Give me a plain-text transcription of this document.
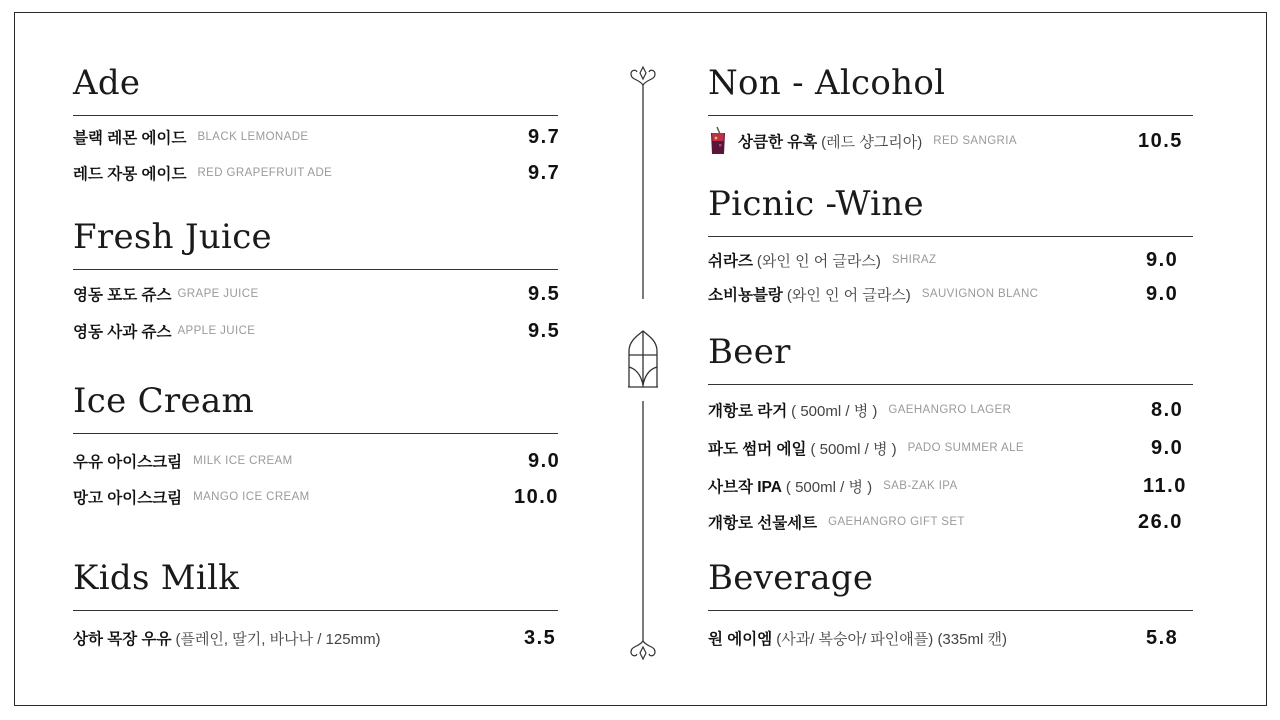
Ade
블랙 레몬 에이드 BLACK LEMONADE	9.7
레드 자몽 에이드 RED GRAPEFRUIT ADE	9.7
Fresh Juice
영동 포도 쥬스 GRAPE JUICE	9.5
영동 사과 쥬스 APPLE JUICE	9.5
Ice Cream
우유 아이스크림 MILK ICE CREAM	9.0
망고 아이스크림 MANGO ICE CREAM	10.0
Kids Milk
상하 목장 우유 (플레인, 딸기, 바나나 / 125mm)	3.5
Non - Alcohol
상큼한 유혹 (레드 샹그리아) RED SANGRIA	10.5
Picnic -Wine
쉬라즈 (와인 인 어 글라스) SHIRAZ	9.0
소비뇽블랑 (와인 인 어 글라스) SAUVIGNON BLANC	9.0
Beer
개항로 라거 ( 500ml / 병 ) GAEHANGRO LAGER	8.0
파도 썸머 에일 ( 500ml / 병 ) PADO SUMMER ALE	9.0
사브작 IPA ( 500ml / 병 ) SAB-ZAK IPA	11.0
개항로 선물세트 GAEHANGRO GIFT SET	26.0
Beverage
원 에이엠 (사과/ 복숭아/ 파인애플) (335ml 캔)	5.8
